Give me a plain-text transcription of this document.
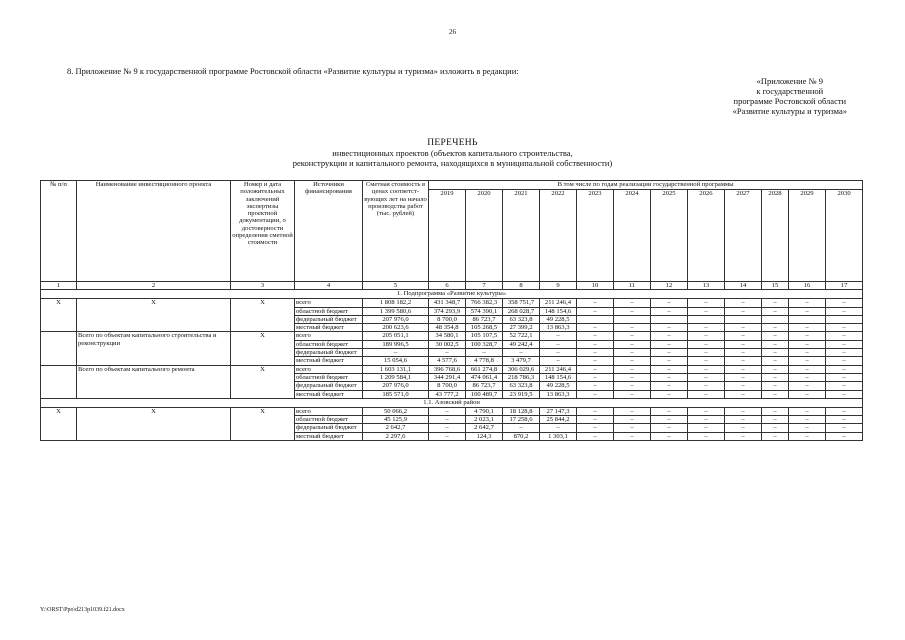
26
8. Приложение № 9 к государственной программе Ростовской области «Развитие культуры и туризма» изложить в редакции:
«Приложение № 9
к государственной
программе Ростовской области
«Развитие культуры и туризма»
ПЕРЕЧЕНЬ
инвестиционных проектов (объектов капитального строительства,
реконструкции и капитального ремонта, находящихся в муниципальной собственности)
№ п/п	Наименование инвестиционного проекта	Номер и дата положительных заключений экспертизы проектной документации, о достоверности определения сметной стоимости	Источники финансирования	Сметная стоимость в ценах соответст-вующих лет на начало производства работ (тыс. рублей)	В том числе по годам реализации государственной программы											
					2019	2020	2021	2022	2023	2024	2025	2026	2027	2028	2029	2030
1	2	3	4	5	6	7	8	9	10	11	12	13	14	15	16	17
1. Подпрограмма «Развитие культуры»																
Х	Х	Х	всего	1 808 182,2	431 348,7	766 382,3	358 751,7	211 246,4	–	–	–	–	–	–	–	–
			областной бюджет	1 399 580,6	374 293,9	574 390,1	268 028,7	148 154,6	–	–	–	–	–	–	–	–
			федеральный бюджет	207 976,0	8 700,0	86 723,7	63 323,8	49 228,5								
			местный бюджет	200 623,6	48 354,8	105 268,5	27 399,2	13 863,3	–	–	–	–	–	–	–	–
	Всего по объектам капитального строительства и реконструкции	Х	всего	205 051,1	34 580,1	105 107,5	52 722,1	–	–	–	–	–	–	–	–	–
			областной бюджет	189 996,5	30 002,5	100 328,7	49 242,4	–	–	–	–	–	–	–	–	–
			федеральный бюджет	–	–	–	–	–	–	–	–	–	–	–	–	–
			местный бюджет	15 054,6	4 577,6	4 778,8	3 479,7	–	–	–	–	–	–	–	–	–
	Всего по объектам капитального ремонта	Х	всего	1 603 131,1	396 768,6	661 274,8	306 029,6	211 246,4	–	–	–	–	–	–	–	–
			областной бюджет	1 209 584,1	344 291,4	474 061,4	218 786,3	148 154,6	–	–	–	–	–	–	–	–
			федеральный бюджет	207 976,0	8 700,0	86 723,7	63 323,8	49 228,5	–	–	–	–	–	–	–	–
			местный бюджет	185 571,0	43 777,2	100 489,7	23 919,5	13 863,3	–	–	–	–	–	–	–	–
1.1. Азовский район																
Х	Х	Х	всего	50 066,2	–	4 790,1	18 128,8	27 147,3	–	–	–	–	–	–	–	–
			областной бюджет	45 125,9	–	2 023,1	17 258,6	25 844,2	–	–	–	–	–	–	–	–
			федеральный бюджет	2 642,7	–	2 642,7	–	–	–	–	–	–	–	–	–	–
			местный бюджет	2 297,6	–	124,3	870,2	1 303,1	–	–	–	–	–	–	–	–
Y:\ORST\Ppo\d213p1039.f21.docx
